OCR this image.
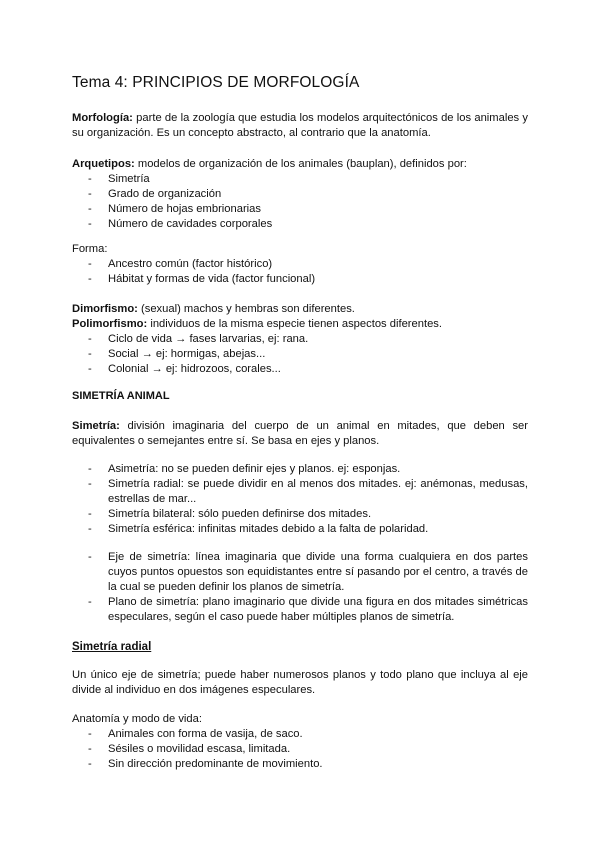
Tema 4: PRINCIPIOS DE MORFOLOGÍA

Morfología: parte de la zoología que estudia los modelos arquitectónicos de los animales y su organización. Es un concepto abstracto, al contrario que la anatomía.

Arquetipos: modelos de organización de los animales (bauplan), definidos por:

- Simetría
- Grado de organización
- Número de hojas embrionarias
- Número de cavidades corporales

Forma:

- Ancestro común (factor histórico)
- Hábitat y formas de vida (factor funcional)

Dimorfismo: (sexual) machos y hembras son diferentes.

Polimorfismo: individuos de la misma especie tienen aspectos diferentes.

- Ciclo de vida → fases larvarias, ej: rana.
- Social → ej: hormigas, abejas...
- Colonial → ej: hidrozoos, corales...

SIMETRÍA ANIMAL

Simetría: división imaginaria del cuerpo de un animal en mitades, que deben ser equivalentes o semejantes entre sí. Se basa en ejes y planos.

- Asimetría: no se pueden definir ejes y planos. ej: esponjas.
- Simetría radial: se puede dividir en al menos dos mitades. ej: anémonas, medusas, estrellas de mar...
- Simetría bilateral: sólo pueden definirse dos mitades.
- Simetría esférica: infinitas mitades debido a la falta de polaridad.
- Eje de simetría: línea imaginaria que divide una forma cualquiera en dos partes cuyos puntos opuestos son equidistantes entre sí pasando por el centro, a través de la cual se pueden definir los planos de simetría.
- Plano de simetría: plano imaginario que divide una figura en dos mitades simétricas especulares, según el caso puede haber múltiples planos de simetría.

Simetría radial

Un único eje de simetría; puede haber numerosos planos y todo plano que incluya al eje divide al individuo en dos imágenes especulares.

Anatomía y modo de vida:

- Animales con forma de vasija, de saco.
- Sésiles o movilidad escasa, limitada.
- Sin dirección predominante de movimiento.
